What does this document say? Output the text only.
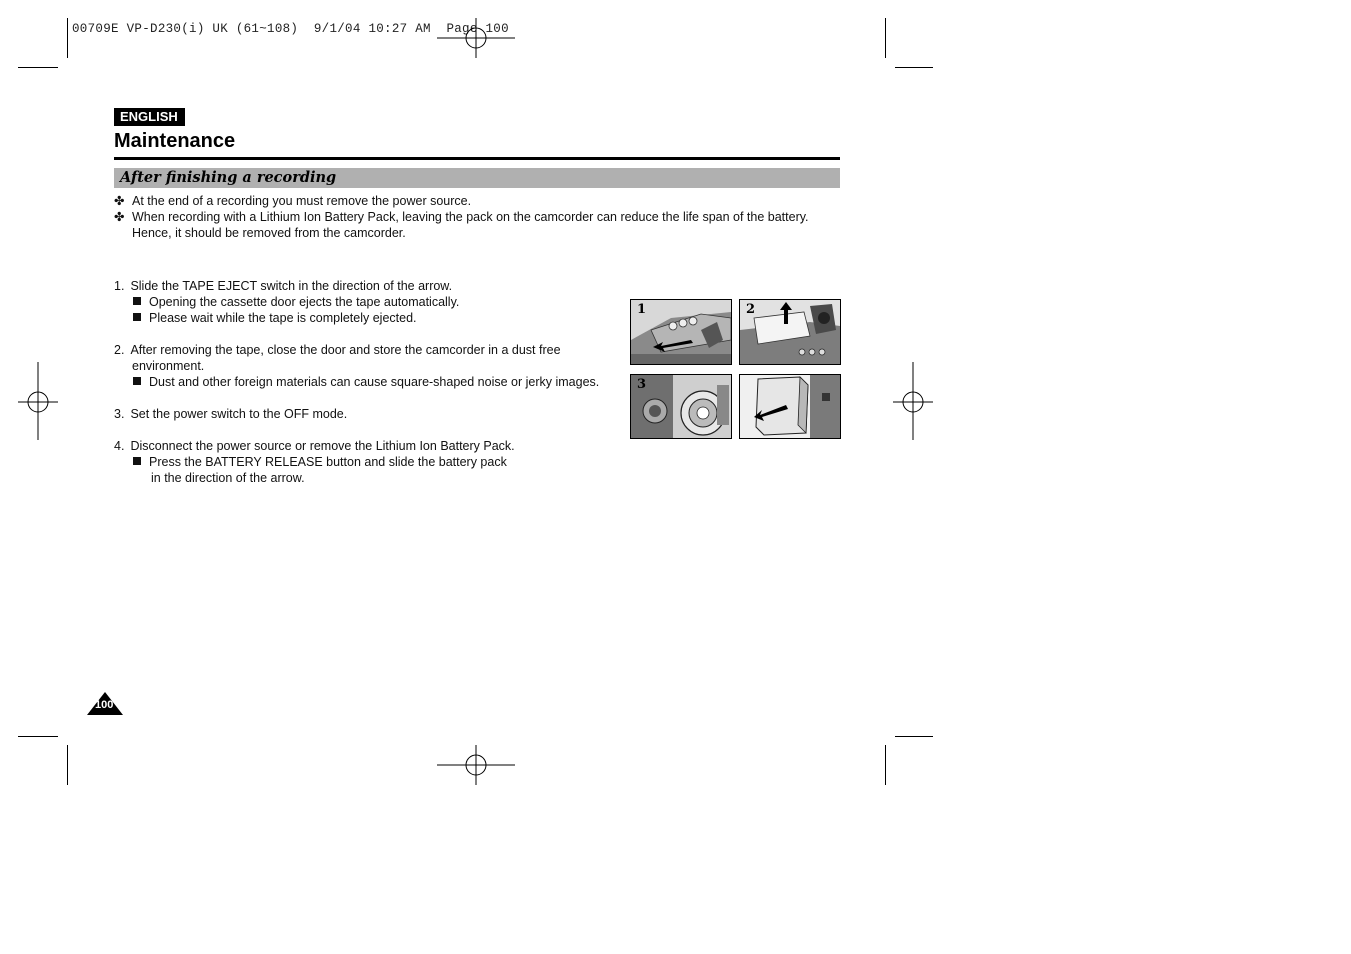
00709E VP-D230(i) UK (61~108)  9/1/04 10:27 AM  Page 100
ENGLISH
Maintenance
After finishing a recording
✤ At the end of a recording you must remove the power source.
✤ When recording with a Lithium Ion Battery Pack, leaving the pack on the camcorder can reduce the life span of the battery.
Hence, it should be removed from the camcorder.
1. Slide the TAPE EJECT switch in the direction of the arrow.
Opening the cassette door ejects the tape automatically.
Please wait while the tape is completely ejected.
2. After removing the tape, close the door and store the camcorder in a dust free
environment.
Dust and other foreign materials can cause square-shaped noise or jerky images.
3. Set the power switch to the OFF mode.
4. Disconnect the power source or remove the Lithium Ion Battery Pack.
Press the BATTERY RELEASE button and slide the battery pack
in the direction of the arrow.
1	2
3
100
